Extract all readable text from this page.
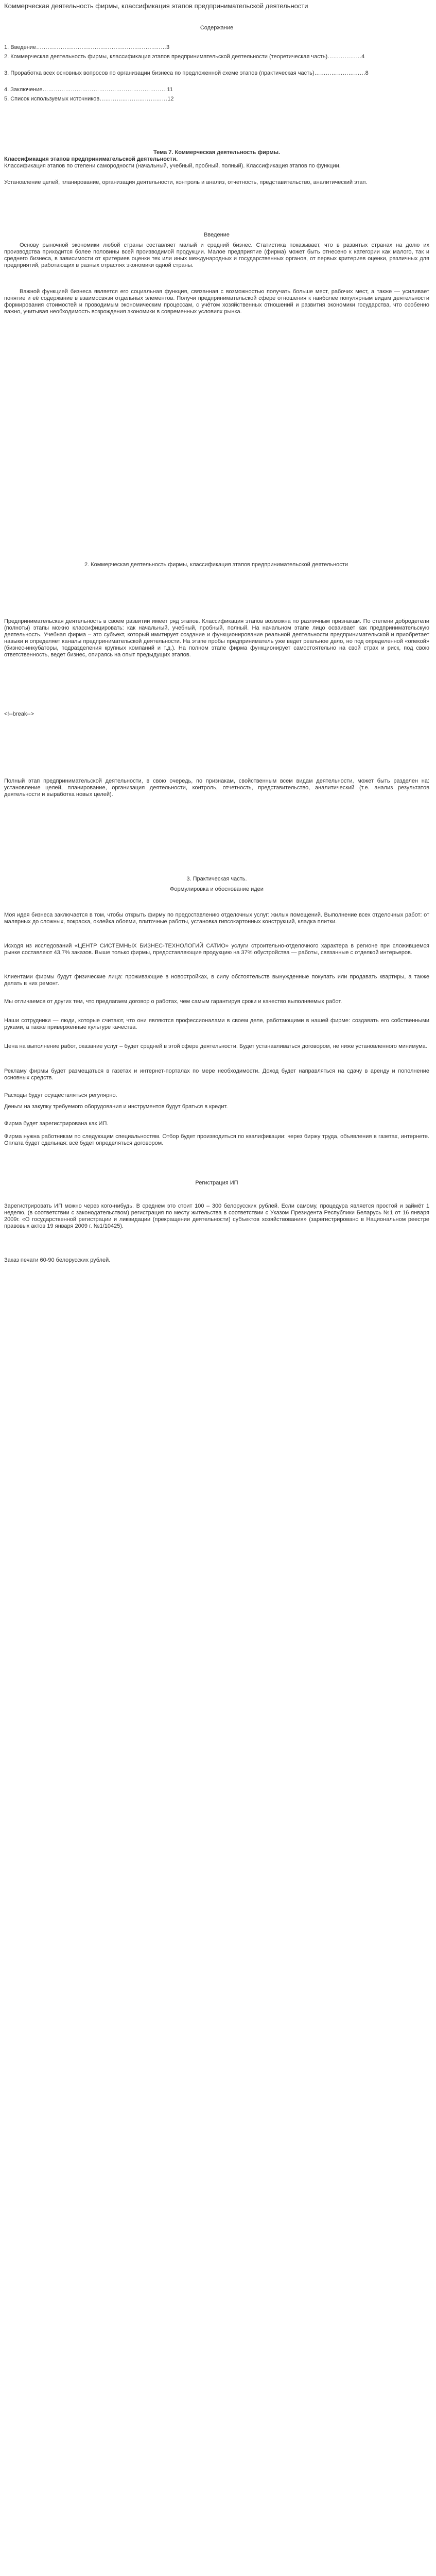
Коммерческая деятельность фирмы, классификация этапов предпринимательской деятельности
Содержание
1. Введение……………………………………………………………3
2. Коммерческая деятельность фирмы, классификация этапов предпринимательской деятельности (теоретическая часть)………………4
3. Проработка всех основных вопросов по организации бизнеса по предложенной схеме этапов (практическая часть)………………………8
4. Заключение…………………………………………………………11
5. Список используемых источников………………………………12
Тема 7. Коммерческая деятельность фирмы.
Классификация этапов предпринимательской деятельности.
Классификация этапов по степени самородности (начальный, учебный, пробный, полный). Классификация этапов по функции.
Установление целей, планирование, организация деятельности, контроль и анализ, отчетность, представительство, аналитический этап.
Введение
Основу рыночной экономики любой страны составляет малый и средний бизнес. Статистика показывает, что в развитых странах на долю их производства приходится более половины всей производимой продукции. Малое предприятие (фирма) может быть отнесено к категории как малого, так и среднего бизнеса, в зависимости от критериев оценки тех или иных международных и государственных органов, от первых критериев оценки, различных для предприятий, работающих в разных отраслях экономики одной страны.
Важной функцией бизнеса является его социальная функция, связанная с возможностью получать больше мест, рабочих мест, а также — усиливает понятие и её содержание в взаимосвязи отдельных элементов. Получи предпринимательской сфере отношения к наиболее популярным видам деятельности формирования стоимостей и проводимым экономическим процессам, с учётом хозяйственных отношений и развития экономики государства, что особенно важно, учитывая необходимость возрождения экономики в современных условиях рынка.
2. Коммерческая деятельность фирмы, классификация этапов предпринимательской деятельности
Предпринимательская деятельность в своем развитии имеет ряд этапов. Классификация этапов возможна по различным признакам. По степени добродетели (полноты) этапы можно классифицировать: как начальный, учебный, пробный, полный. На начальном этапе лицо осваивает как предпринимательскую деятельность. Учебная фирма – это субъект, который имитирует создание и функционирование реальной деятельности предпринимательской и приобретает навыки и определяет каналы предпринимательской деятельности. На этапе пробы предприниматель уже ведет реальное дело, но под определенной «опекой» (бизнес-инкубаторы, подразделения крупных компаний и т.д.). На полном этапе фирма функционирует самостоятельно на свой страх и риск, под свою ответственность, ведет бизнес, опираясь на опыт предыдущих этапов.
<!--break-->
Полный этап предпринимательской деятельности, в свою очередь, по признакам, свойственным всем видам деятельности, может быть разделен на: установление целей, планирование, организация деятельности, контроль, отчетность, представительство, аналитический (т.е. анализ результатов деятельности и выработка новых целей).
3. Практическая часть.
Формулировка и обоснование идеи
Моя идея бизнеса заключается в том, чтобы открыть фирму по предоставлению отделочных услуг: жилых помещений. Выполнение всех отделочных работ: от малярных до сложных, покраска, оклейка обоями, плиточные работы, установка гипсокартонных конструкций, кладка плитки.
Исходя из исследований «ЦЕНТР СИСТЕМНЫХ БИЗНЕС-ТЕХНОЛОГИЙ САТИО» услуги строительно-отделочного характера в регионе при сложившемся рынке составляют 43,7% заказов. Выше только фирмы, предоставляющие продукцию на 37% обустройства — работы, связанные с отделкой интерьеров.
Клиентами фирмы будут физические лица: проживающие в новостройках, в силу обстоятельств вынужденные покупать или продавать квартиры, а также делать в них ремонт.
Мы отличаемся от других тем, что предлагаем договор о работах, чем самым гарантируя сроки и качество выполняемых работ.
Наши сотрудники — люди, которые считают, что они являются профессионалами в своем деле, работающими в нашей фирме: создавать его собственными руками, а также приверженные культуре качества.
Цена на выполнение работ, оказание услуг – будет средней в этой сфере деятельности. Будет устанавливаться договором, не ниже установленного минимума.
Рекламу фирмы будет размещаться в газетах и интернет-порталах по мере необходимости. Доход будет направляться на сдачу в аренду и пополнение основных средств.
Расходы будут осуществляться регулярно.
Деньги на закупку требуемого оборудования и инструментов будут браться в кредит.
Фирма будет зарегистрирована как ИП.
Фирма нужна работникам по следующим специальностям. Отбор будет производиться по квалификации: через биржу труда, объявления в газетах, интернете. Оплата будет сдельная: всё будет определяться договором.
Регистрация ИП
Зарегистрировать ИП можно через кого-нибудь. В среднем это стоит 100 – 300 белорусских рублей. Если самому, процедура является простой и займёт 1 неделю, (в соответствии с законодательством) регистрация по месту жительства в соответствии с Указом Президента Республики Беларусь №1 от 16 января 2009г. «О государственной регистрации и ликвидации (прекращении деятельности) субъектов хозяйствования» (зарегистрировано в Национальном реестре правовых актов 19 января 2009 г. №1/10425).
Заказ печати 60-90 белорусских рублей.
